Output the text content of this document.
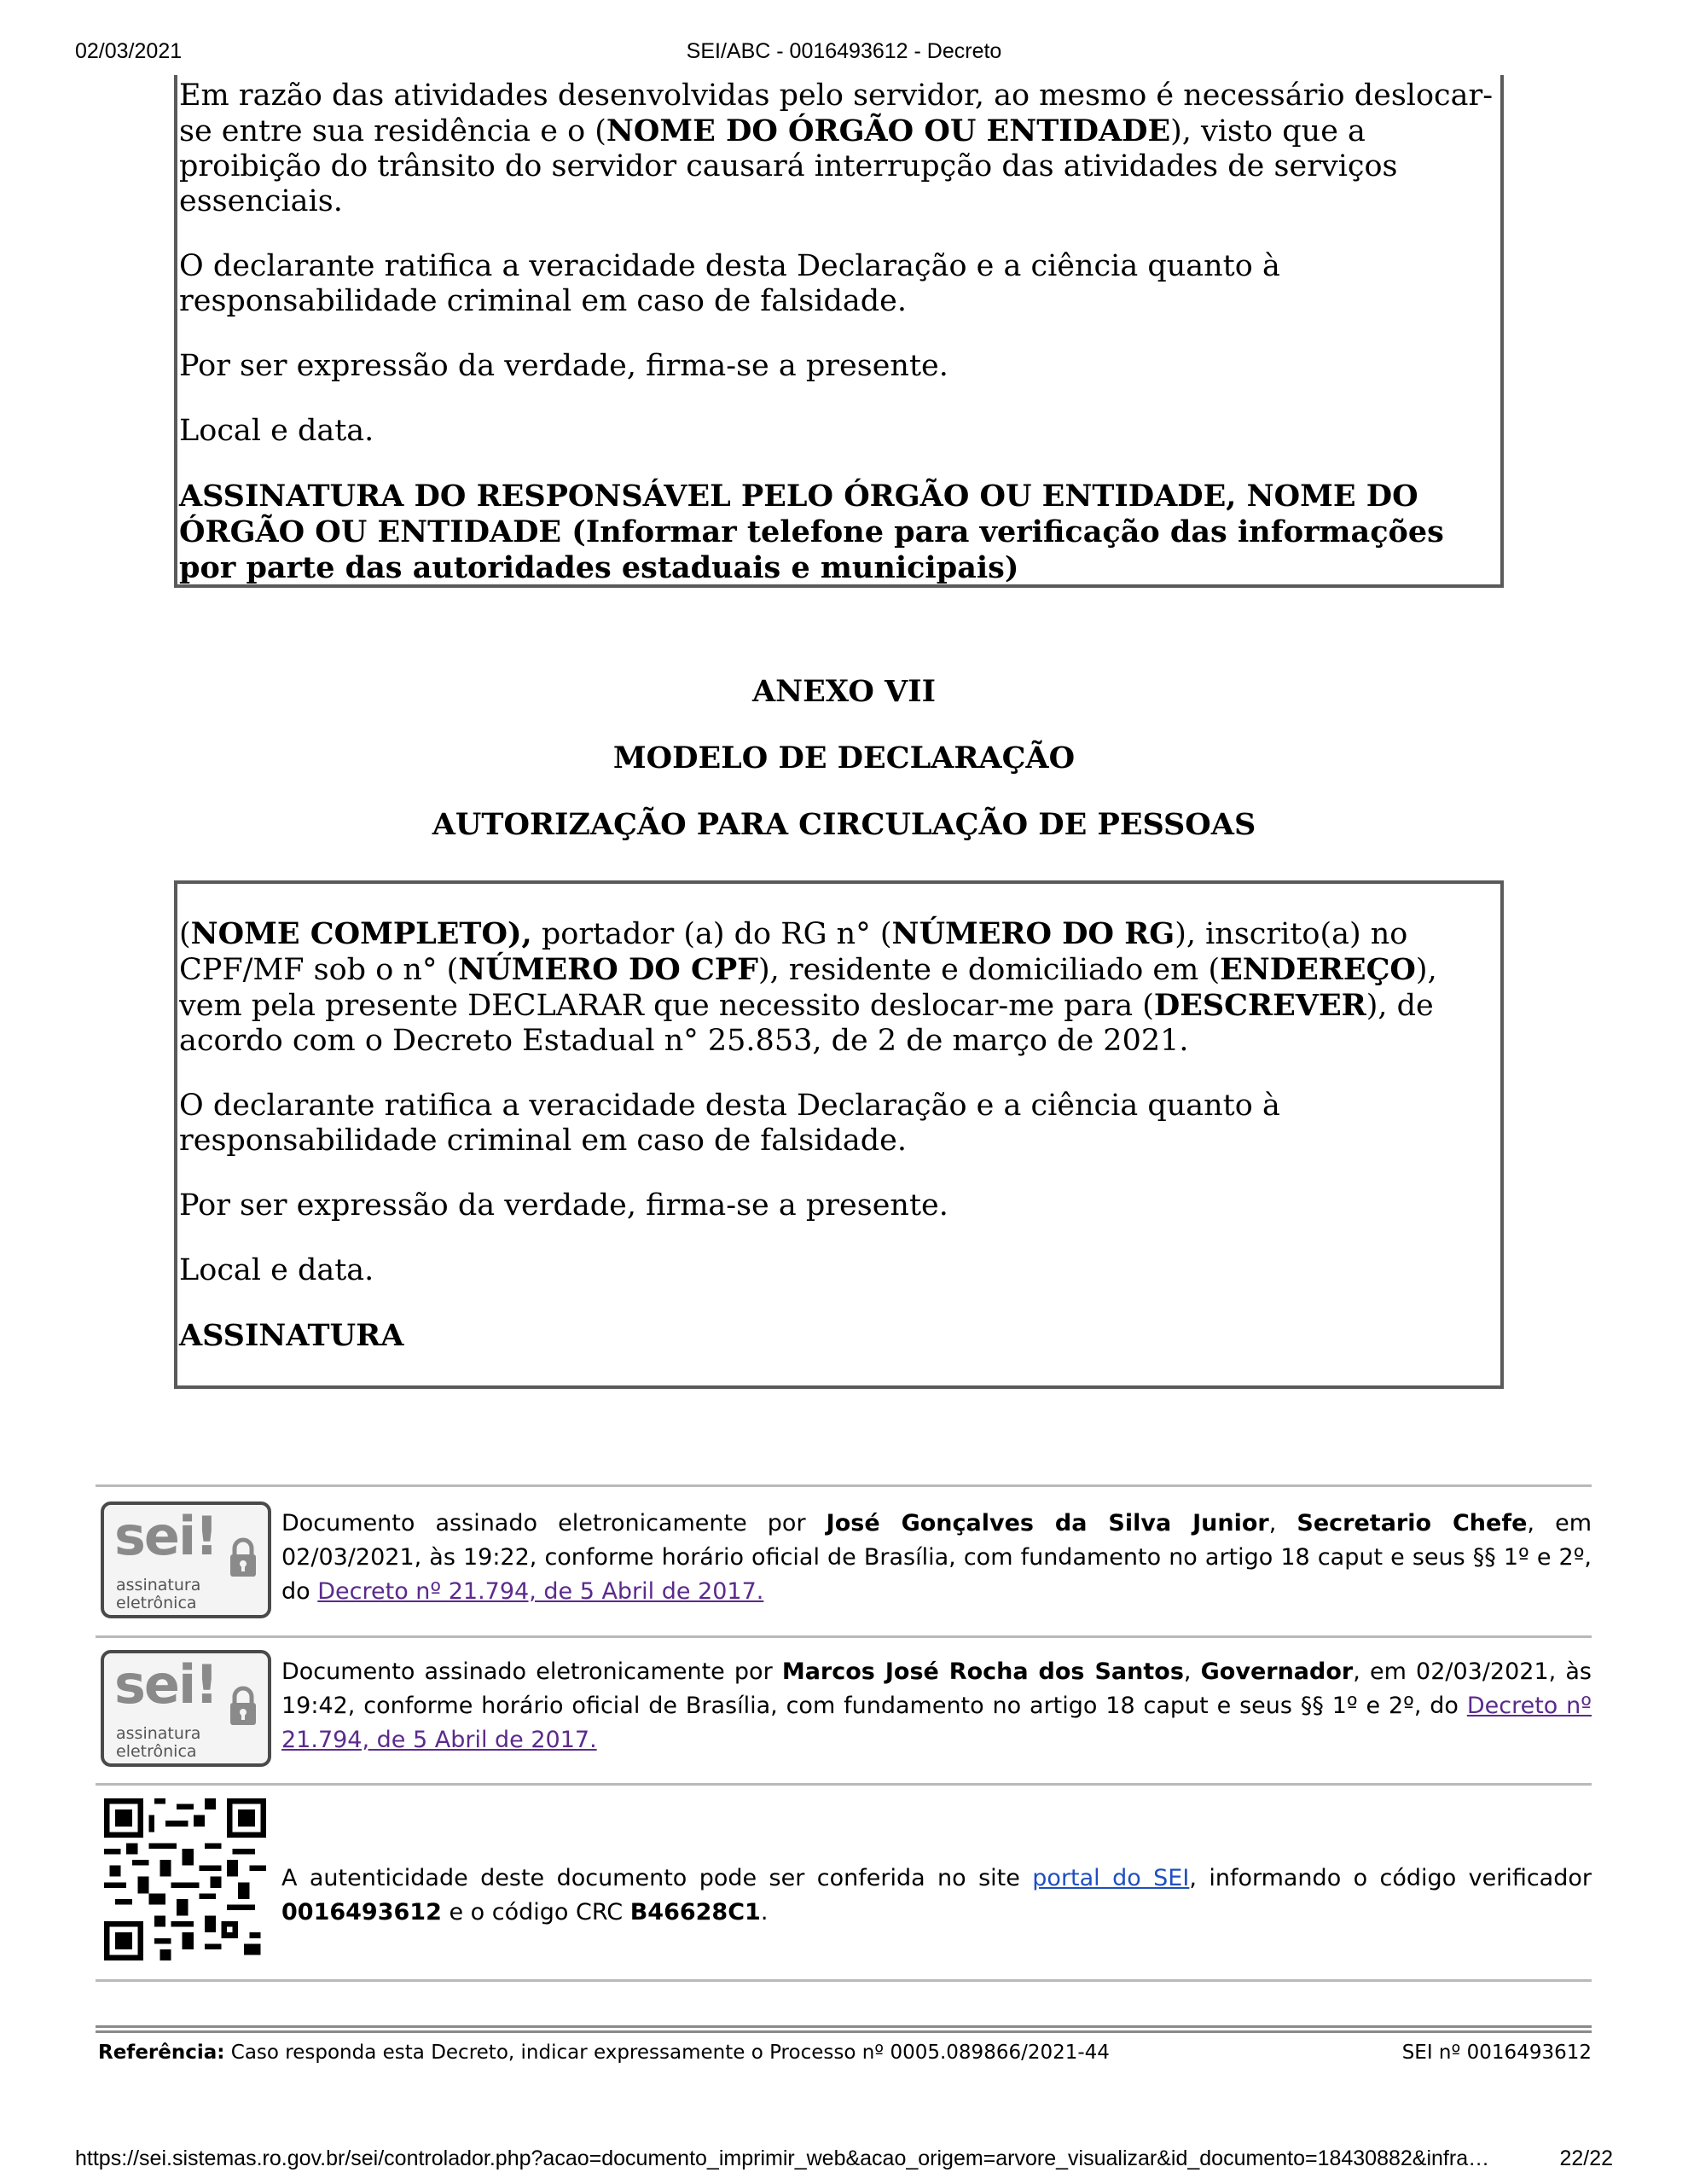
02/03/2021	SEI/ABC - 0016493612 - Decreto

Em razão das atividades desenvolvidas pelo servidor, ao mesmo é necessário deslocar-se entre sua residência e o (NOME DO ÓRGÃO OU ENTIDADE), visto que a proibição do trânsito do servidor causará interrupção das atividades de serviços essenciais.

O declarante ratifica a veracidade desta Declaração e a ciência quanto à responsabilidade criminal em caso de falsidade.

Por ser expressão da verdade, firma-se a presente.

Local e data.

ASSINATURA DO RESPONSÁVEL PELO ÓRGÃO OU ENTIDADE, NOME DO ÓRGÃO OU ENTIDADE (Informar telefone para verificação das informações por parte das autoridades estaduais e municipais)

ANEXO VII
MODELO DE DECLARAÇÃO
AUTORIZAÇÃO PARA CIRCULAÇÃO DE PESSOAS

(NOME COMPLETO), portador (a) do RG n° (NÚMERO DO RG), inscrito(a) no CPF/MF sob o n° (NÚMERO DO CPF), residente e domiciliado em (ENDEREÇO), vem pela presente DECLARAR que necessito deslocar-me para (DESCREVER), de acordo com o Decreto Estadual n° 25.853, de 2 de março de 2021.

O declarante ratifica a veracidade desta Declaração e a ciência quanto à responsabilidade criminal em caso de falsidade.

Por ser expressão da verdade, firma-se a presente.

Local e data.

ASSINATURA

sei!
assinatura
eletrônica
Documento assinado eletronicamente por José Gonçalves da Silva Junior, Secretario Chefe, em 02/03/2021, às 19:22, conforme horário oficial de Brasília, com fundamento no artigo 18 caput e seus §§ 1º e 2º, do Decreto nº 21.794, de 5 Abril de 2017.
sei!
assinatura
eletrônica
Documento assinado eletronicamente por Marcos José Rocha dos Santos, Governador, em 02/03/2021, às 19:42, conforme horário oficial de Brasília, com fundamento no artigo 18 caput e seus §§ 1º e 2º, do Decreto nº 21.794, de 5 Abril de 2017.
A autenticidade deste documento pode ser conferida no site portal do SEI, informando o código verificador 0016493612 e o código CRC B46628C1.
Referência: Caso responda esta Decreto, indicar expressamente o Processo nº 0005.089866/2021-44	SEI nº 0016493612
https://sei.sistemas.ro.gov.br/sei/controlador.php?acao=documento_imprimir_web&acao_origem=arvore_visualizar&id_documento=18430882&infra…	22/22
